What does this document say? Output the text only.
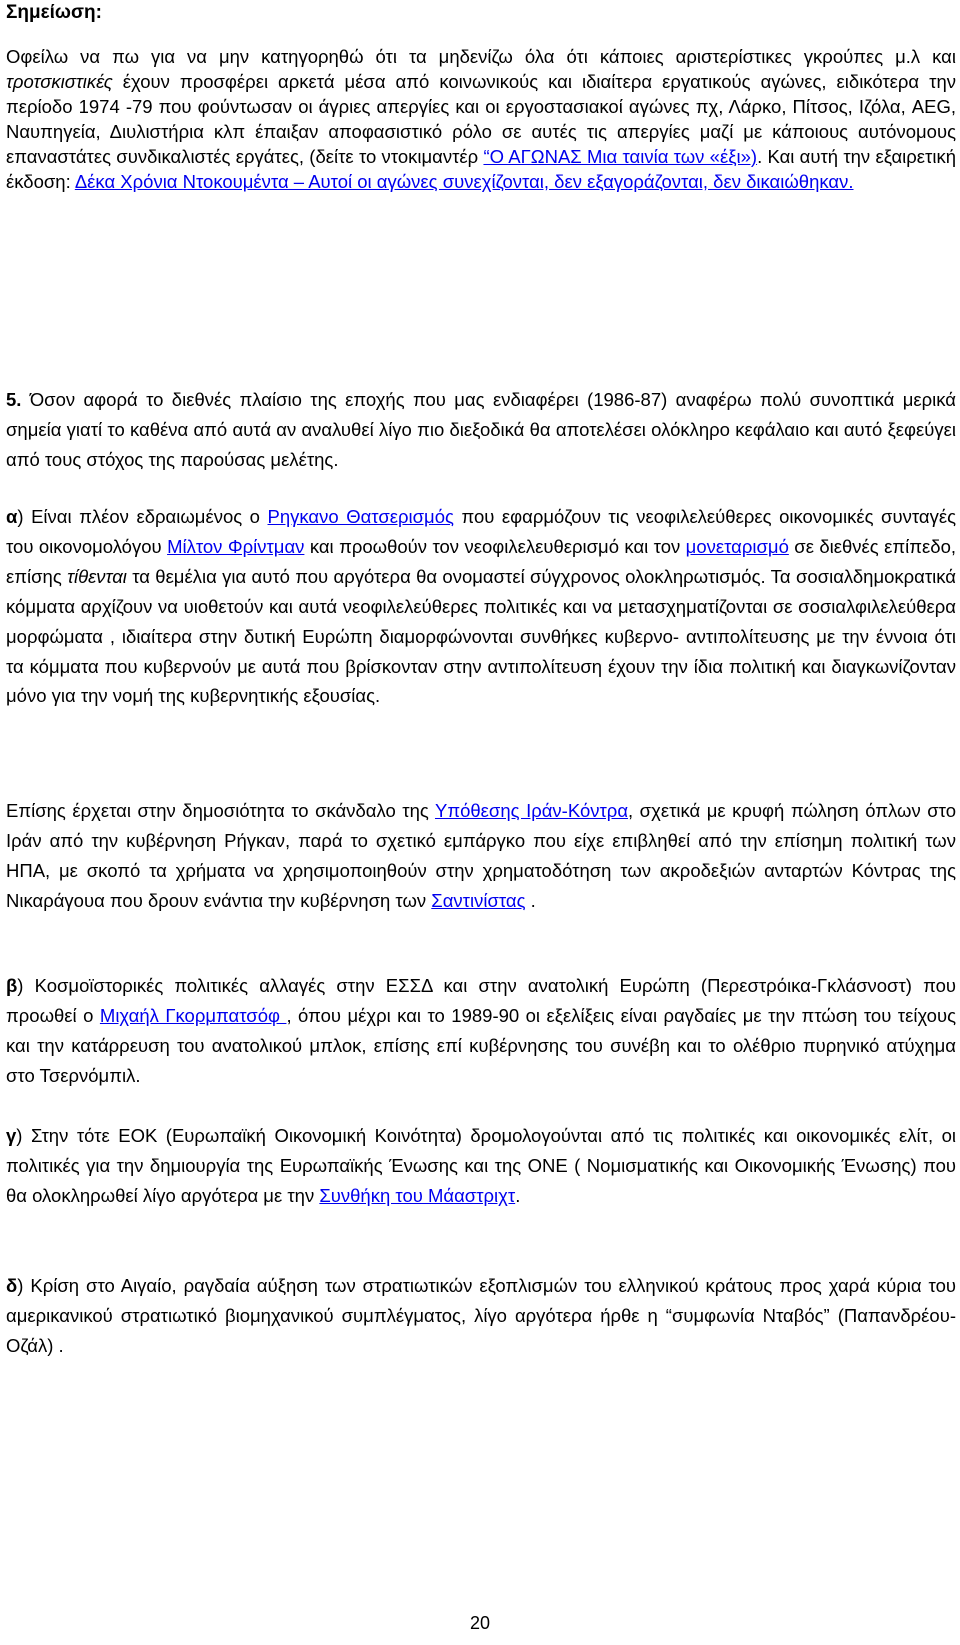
Σημείωση:

Οφείλω να πω για να μην κατηγορηθώ ότι τα μηδενίζω όλα ότι κάποιες αριστερίστικες γκρούπες μ.λ και τροτσκιστικές έχουν προσφέρει αρκετά μέσα από κοινωνικούς και ιδιαίτερα εργατικούς αγώνες, ειδικότερα την περίοδο 1974 -79 που φούντωσαν οι άγριες απεργίες και οι εργοστασιακοί αγώνες πχ, Λάρκο, Πίτσος, Ιζόλα, AEG, Ναυπηγεία, Διυλιστήρια κλπ έπαιξαν αποφασιστικό ρόλο σε αυτές τις απεργίες μαζί με κάποιους αυτόνομους επαναστάτες συνδικαλιστές εργάτες, (δείτε το ντοκιμαντέρ “Ο ΑΓΩΝΑΣ Μια ταινία των «έξι»). Και αυτή την εξαιρετική έκδοση: Δέκα Χρόνια Ντοκουμέντα – Αυτοί οι αγώνες συνεχίζονται, δεν εξαγοράζονται, δεν δικαιώθηκαν.

5. Όσον αφορά το διεθνές πλαίσιο της εποχής που μας ενδιαφέρει (1986-87) αναφέρω πολύ συνοπτικά μερικά σημεία γιατί το καθένα από αυτά αν αναλυθεί λίγο πιο διεξοδικά θα αποτελέσει ολόκληρο κεφάλαιο και αυτό ξεφεύγει από τους στόχος της παρούσας μελέτης.

α) Είναι πλέον εδραιωμένος ο Ρηγκανο Θατσερισμός που εφαρμόζουν τις νεοφιλελεύθερες οικονομικές συνταγές του οικονομολόγου Μίλτον Φρίντμαν και προωθούν τον νεοφιλελευθερισμό και τον μονεταρισμό σε διεθνές επίπεδο, επίσης τίθενται τα θεμέλια για αυτό που αργότερα θα ονομαστεί σύγχρονος ολοκληρωτισμός. Τα σοσιαλδημοκρατικά κόμματα αρχίζουν να υιοθετούν και αυτά νεοφιλελεύθερες πολιτικές και να μετασχηματίζονται σε σοσιαλφιλελεύθερα μορφώματα , ιδιαίτερα στην δυτική Ευρώπη διαμορφώνονται συνθήκες κυβερνο- αντιπολίτευσης με την έννοια ότι τα κόμματα που κυβερνούν με αυτά που βρίσκονταν στην αντιπολίτευση έχουν την ίδια πολιτική και διαγκωνίζονταν μόνο για την νομή της κυβερνητικής εξουσίας.

Επίσης έρχεται στην δημοσιότητα το σκάνδαλο της Υπόθεσης Ιράν-Κόντρα, σχετικά με κρυφή πώληση όπλων στο Ιράν από την κυβέρνηση Ρήγκαν, παρά το σχετικό εμπάργκο που είχε επιβληθεί από την επίσημη πολιτική των ΗΠΑ, με σκοπό τα χρήματα να χρησιμοποιηθούν στην χρηματοδότηση των ακροδεξιών ανταρτών Κόντρας της Νικαράγουα που δρουν ενάντια την κυβέρνηση των Σαντινίστας .

β) Κοσμοϊστορικές πολιτικές αλλαγές στην ΕΣΣΔ και στην ανατολική Ευρώπη (Περεστρόικα-Γκλάσνοστ) που προωθεί ο Μιχαήλ Γκορμπατσόφ , όπου μέχρι και το 1989-90 οι εξελίξεις είναι ραγδαίες με την πτώση του τείχους και την κατάρρευση του ανατολικού μπλοκ, επίσης επί κυβέρνησης του συνέβη και το ολέθριο πυρηνικό ατύχημα στο Τσερνόμπιλ.

γ) Στην τότε ΕΟΚ (Ευρωπαϊκή Οικονομική Κοινότητα) δρομολογούνται από τις πολιτικές και οικονομικές ελίτ, οι πολιτικές για την δημιουργία της Ευρωπαϊκής Ένωσης και της ΟΝΕ ( Νομισματικής και Οικονομικής Ένωσης) που θα ολοκληρωθεί λίγο αργότερα με την Συνθήκη του Μάαστριχτ.

δ) Κρίση στο Αιγαίο, ραγδαία αύξηση των στρατιωτικών εξοπλισμών του ελληνικού κράτους προς χαρά κύρια του αμερικανικού στρατιωτικό βιομηχανικού συμπλέγματος, λίγο αργότερα ήρθε η “συμφωνία Νταβός” (Παπανδρέου-Οζάλ) .

20
